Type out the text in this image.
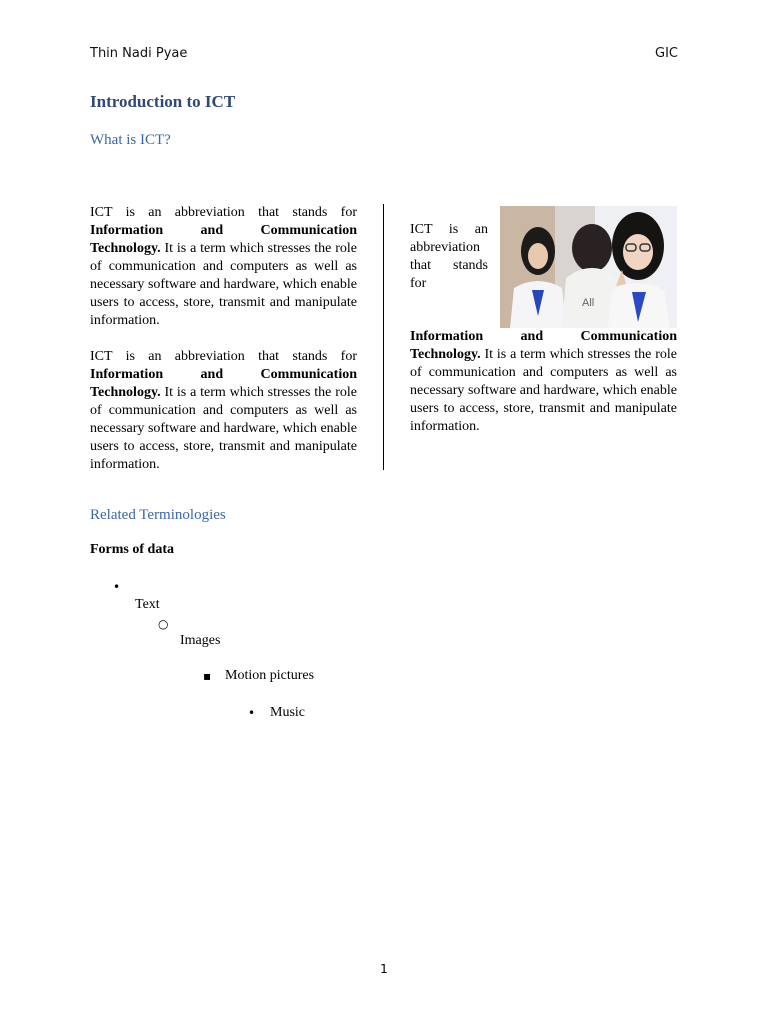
Thin Nadi Pyae	GIC
Introduction to ICT
What is ICT?

ICT is an abbreviation that stands for Information and Communication Technology. It is a term which stresses the role of communication and computers as well as necessary software and hardware, which enable users to access, store, transmit and manipulate information.

ICT is an abbreviation that stands for Information and Communication Technology. It is a term which stresses the role of communication and computers as well as necessary software and hardware, which enable users to access, store, transmit and manipulate information.

ICT is an
abbreviation
that stands
for
All

Information and Communication Technology. It is a term which stresses the role of communication and computers as well as necessary software and hardware, which enable users to access, store, transmit and manipulate information.

Related Terminologies
Forms of data
•
Text
○
Images
▪ Motion pictures
• Music
1
